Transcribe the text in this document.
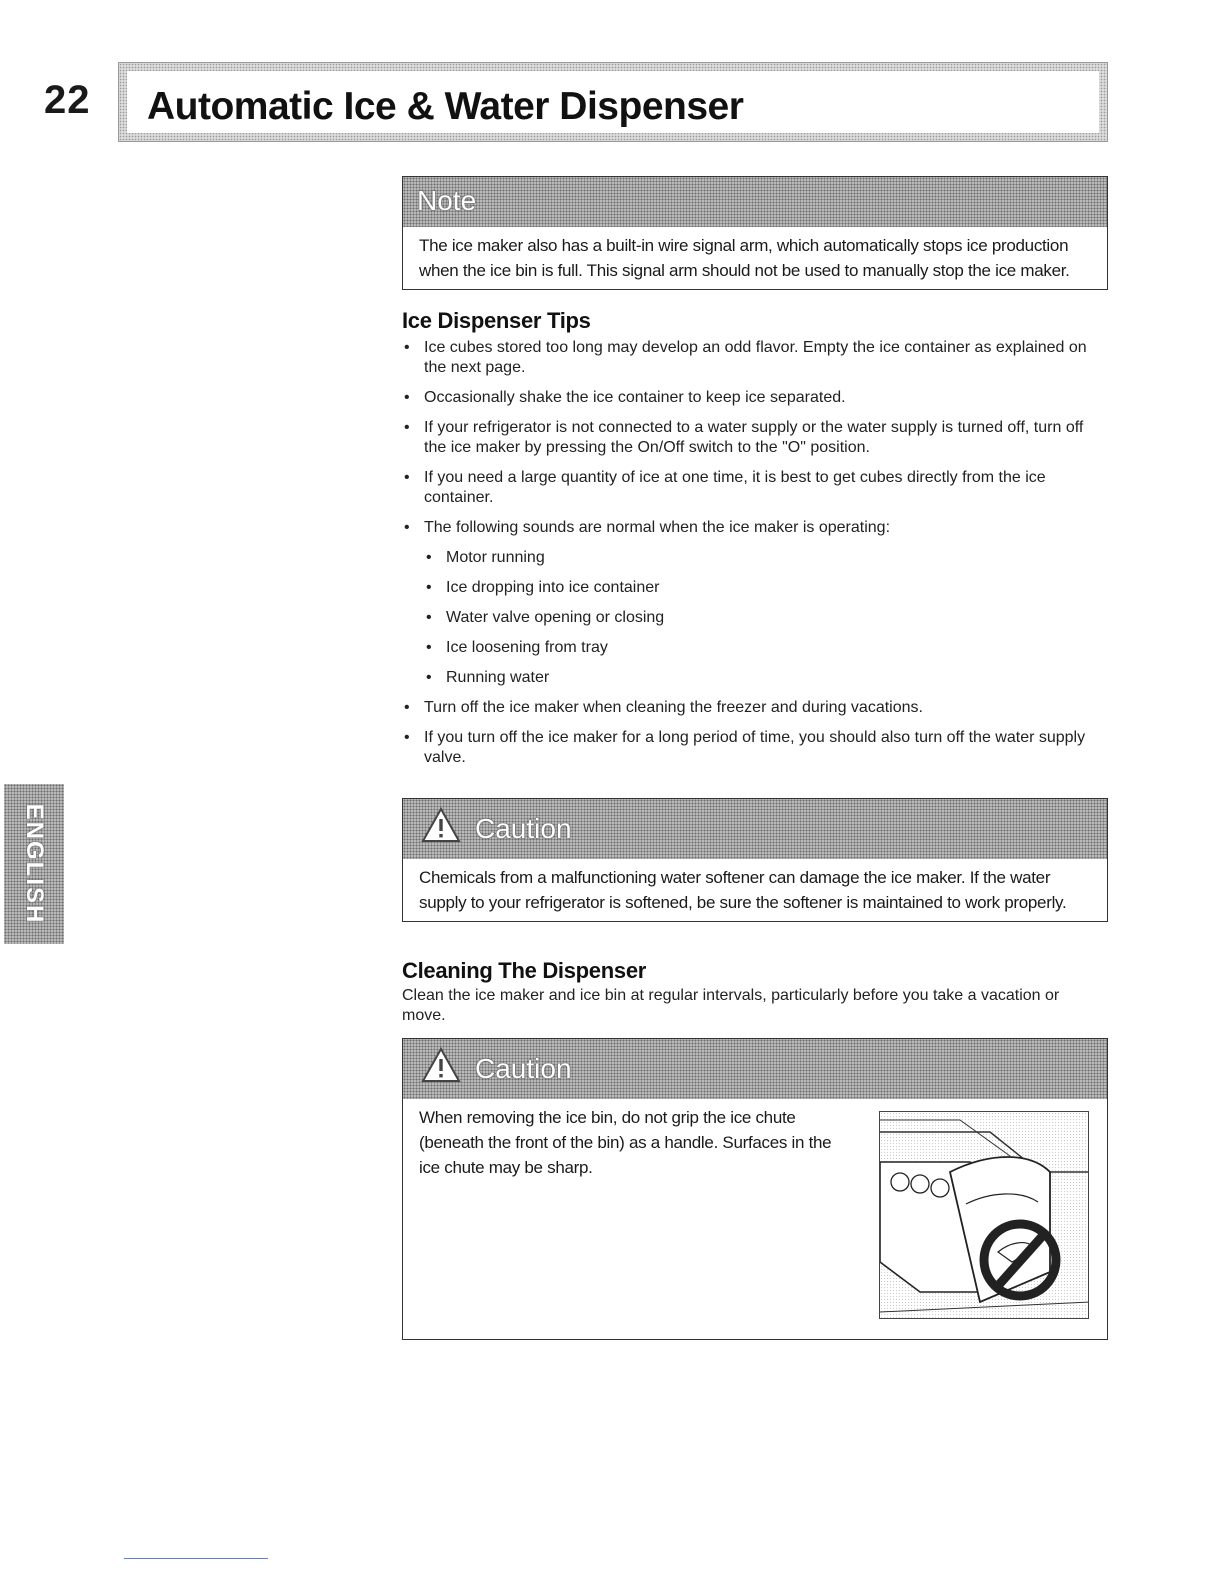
22 Automatic Ice & Water Dispenser
ENGLISH
Note
The ice maker also has a built-in wire signal arm, which automatically stops ice production when the ice bin is full. This signal arm should not be used to manually stop the ice maker.
Ice Dispenser Tips
• Ice cubes stored too long may develop an odd flavor. Empty the ice container as explained on the next page.
• Occasionally shake the ice container to keep ice separated.
• If your refrigerator is not connected to a water supply or the water supply is turned off, turn off the ice maker by pressing the On/Off switch to the "O" position.
• If you need a large quantity of ice at one time, it is best to get cubes directly from the ice container.
• The following sounds are normal when the ice maker is operating:
• Motor running
• Ice dropping into ice container
• Water valve opening or closing
• Ice loosening from tray
• Running water
• Turn off the ice maker when cleaning the freezer and during vacations.
• If you turn off the ice maker for a long period of time, you should also turn off the water supply valve.
Caution
Chemicals from a malfunctioning water softener can damage the ice maker. If the water supply to your refrigerator is softened, be sure the softener is maintained to work properly.
Cleaning The Dispenser
Clean the ice maker and ice bin at regular intervals, particularly before you take a vacation or move.
Caution
When removing the ice bin, do not grip the ice chute (beneath the front of the bin) as a handle. Surfaces in the ice chute may be sharp.
